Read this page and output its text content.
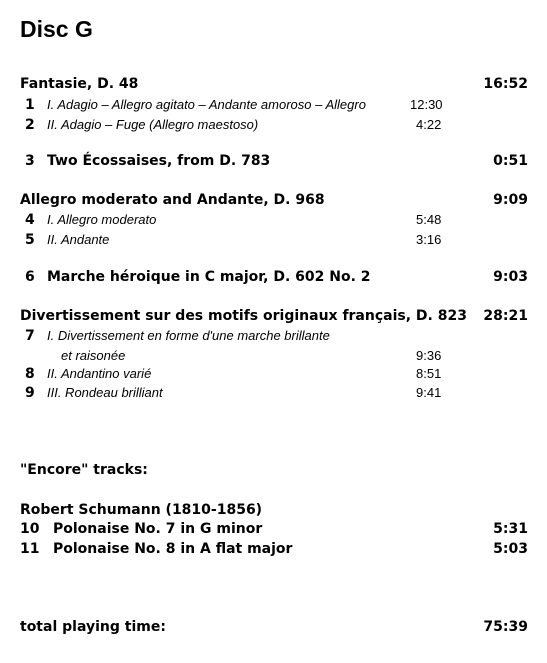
Disc G
Fantasie, D. 48	16:52
1 I. Adagio – Allegro agitato – Andante amoroso – Allegro	12:30
2 II. Adagio – Fuge (Allegro maestoso)	4:22
3 Two Écossaises, from D. 783	0:51
Allegro moderato and Andante, D. 968	9:09
4 I. Allegro moderato	5:48
5 II. Andante	3:16
6 Marche héroique in C major, D. 602 No. 2	9:03
Divertissement sur des motifs originaux français, D. 823 28:21
7 I. Divertissement en forme d'une marche brillante
et raisonée	9:36
8 II. Andantino varié	8:51
9 III. Rondeau brilliant	9:41
"Encore" tracks:
Robert Schumann (1810-1856)
10 Polonaise No. 7 in G minor	5:31
11 Polonaise No. 8 in A flat major	5:03
total playing time:	75:39
